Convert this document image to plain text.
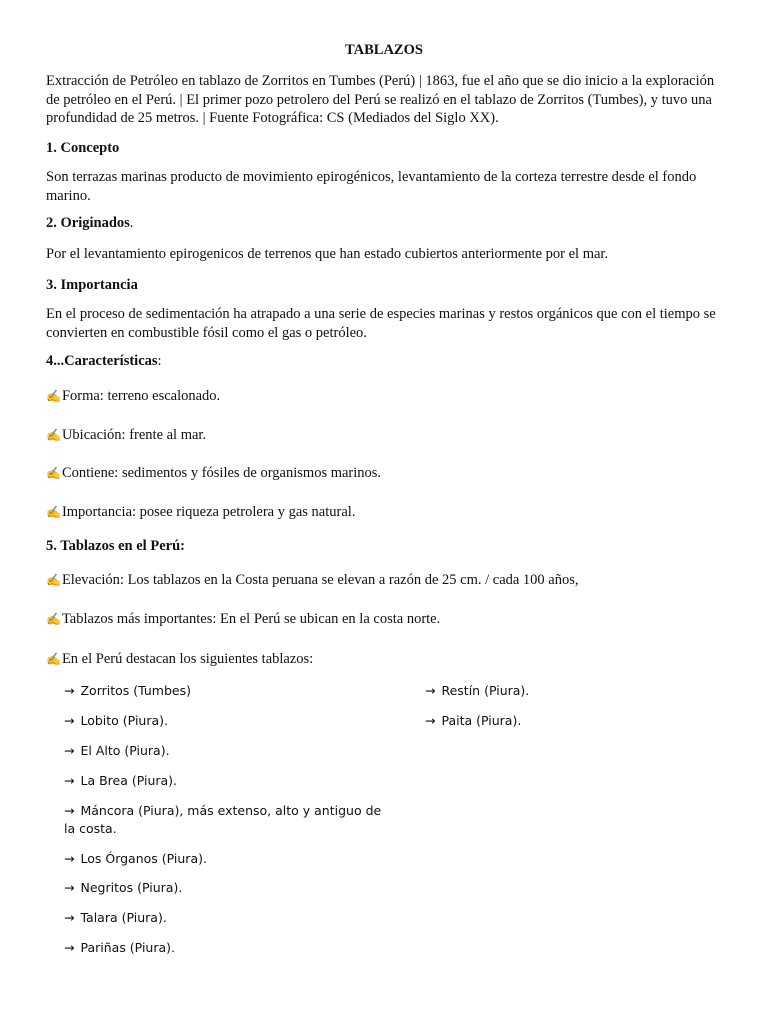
TABLAZOS

Extracción de Petróleo en tablazo de Zorritos en Tumbes (Perú) | 1863, fue el año que se dio inicio a la exploración de petróleo en el Perú. | El primer pozo petrolero del Perú se realizó en el tablazo de Zorritos (Tumbes), y tuvo una profundidad de 25 metros. | Fuente Fotográfica: CS (Mediados del Siglo XX).

1. Concepto

Son terrazas marinas producto de movimiento epirogénicos, levantamiento de la corteza terrestre desde el fondo marino.

2. Originados.

Por el levantamiento epirogenicos de terrenos que han estado cubiertos anteriormente por el mar.

3. Importancia

En el proceso de sedimentación ha atrapado a una serie de especies marinas y restos orgánicos que con el tiempo se convierten en combustible fósil como el gas o petróleo.

4...Características:

✍Forma: terreno escalonado.

✍Ubicación: frente al mar.

✍Contiene: sedimentos y fósiles de organismos marinos.

✍Importancia: posee riqueza petrolera y gas natural.

5. Tablazos en el Perú:

✍Elevación: Los tablazos en la Costa peruana se elevan a razón de 25 cm. / cada 100 años,

✍Tablazos más importantes: En el Perú se ubican en la costa norte.

✍En el Perú destacan los siguientes tablazos:

→ Zorritos (Tumbes)
→ Lobito (Piura).
→ El Alto (Piura).
→ La Brea (Piura).
→ Máncora (Piura), más extenso, alto y antiguo de
la costa.
→ Los Órganos (Piura).
→ Negritos (Piura).
→ Talara (Piura).
→ Pariñas (Piura).
→ Restín (Piura).
→ Paita (Piura).
